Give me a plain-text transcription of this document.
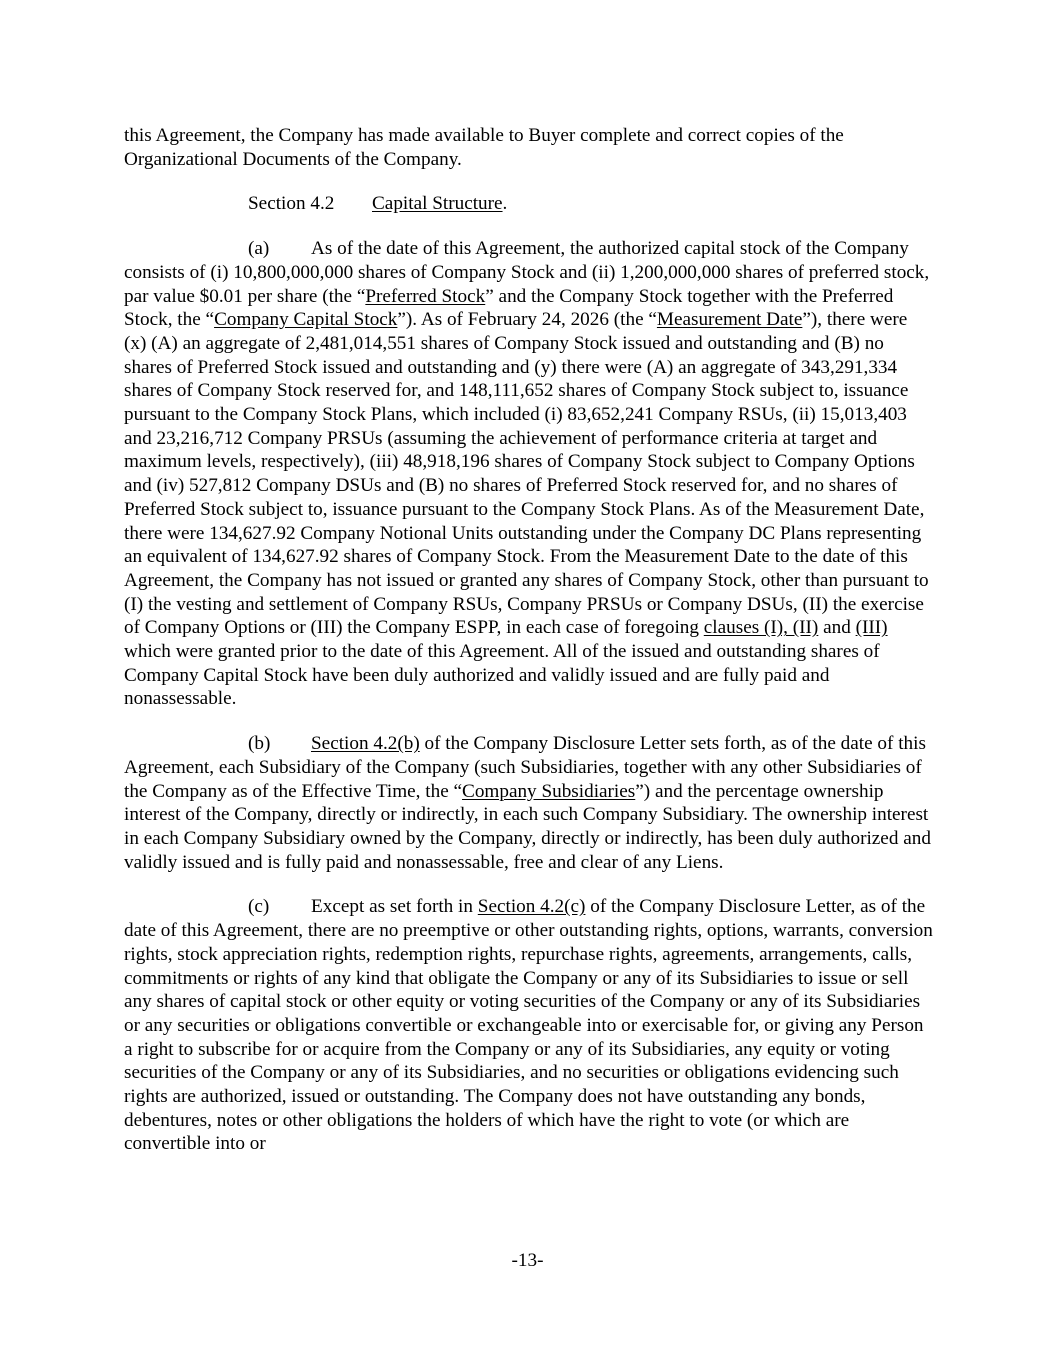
this Agreement, the Company has made available to Buyer complete and correct copies of the Organizational Documents of the Company.

Section 4.2 Capital Structure.

(a) As of the date of this Agreement, the authorized capital stock of the Company consists of (i) 10,800,000,000 shares of Company Stock and (ii) 1,200,000,000 shares of preferred stock, par value $0.01 per share (the “Preferred Stock” and the Company Stock together with the Preferred Stock, the “Company Capital Stock”). As of February 24, 2026 (the “Measurement Date”), there were (x) (A) an aggregate of 2,481,014,551 shares of Company Stock issued and outstanding and (B) no shares of Preferred Stock issued and outstanding and (y) there were (A) an aggregate of 343,291,334 shares of Company Stock reserved for, and 148,111,652 shares of Company Stock subject to, issuance pursuant to the Company Stock Plans, which included (i) 83,652,241 Company RSUs, (ii) 15,013,403 and 23,216,712 Company PRSUs (assuming the achievement of performance criteria at target and maximum levels, respectively), (iii) 48,918,196 shares of Company Stock subject to Company Options and (iv) 527,812 Company DSUs and (B) no shares of Preferred Stock reserved for, and no shares of Preferred Stock subject to, issuance pursuant to the Company Stock Plans. As of the Measurement Date, there were 134,627.92 Company Notional Units outstanding under the Company DC Plans representing an equivalent of 134,627.92 shares of Company Stock. From the Measurement Date to the date of this Agreement, the Company has not issued or granted any shares of Company Stock, other than pursuant to (I) the vesting and settlement of Company RSUs, Company PRSUs or Company DSUs, (II) the exercise of Company Options or (III) the Company ESPP, in each case of foregoing clauses (I), (II) and (III) which were granted prior to the date of this Agreement. All of the issued and outstanding shares of Company Capital Stock have been duly authorized and validly issued and are fully paid and nonassessable.

(b) Section 4.2(b) of the Company Disclosure Letter sets forth, as of the date of this Agreement, each Subsidiary of the Company (such Subsidiaries, together with any other Subsidiaries of the Company as of the Effective Time, the “Company Subsidiaries”) and the percentage ownership interest of the Company, directly or indirectly, in each such Company Subsidiary. The ownership interest in each Company Subsidiary owned by the Company, directly or indirectly, has been duly authorized and validly issued and is fully paid and nonassessable, free and clear of any Liens.

(c) Except as set forth in Section 4.2(c) of the Company Disclosure Letter, as of the date of this Agreement, there are no preemptive or other outstanding rights, options, warrants, conversion rights, stock appreciation rights, redemption rights, repurchase rights, agreements, arrangements, calls, commitments or rights of any kind that obligate the Company or any of its Subsidiaries to issue or sell any shares of capital stock or other equity or voting securities of the Company or any of its Subsidiaries or any securities or obligations convertible or exchangeable into or exercisable for, or giving any Person a right to subscribe for or acquire from the Company or any of its Subsidiaries, any equity or voting securities of the Company or any of its Subsidiaries, and no securities or obligations evidencing such rights are authorized, issued or outstanding. The Company does not have outstanding any bonds, debentures, notes or other obligations the holders of which have the right to vote (or which are convertible into or

-13-
